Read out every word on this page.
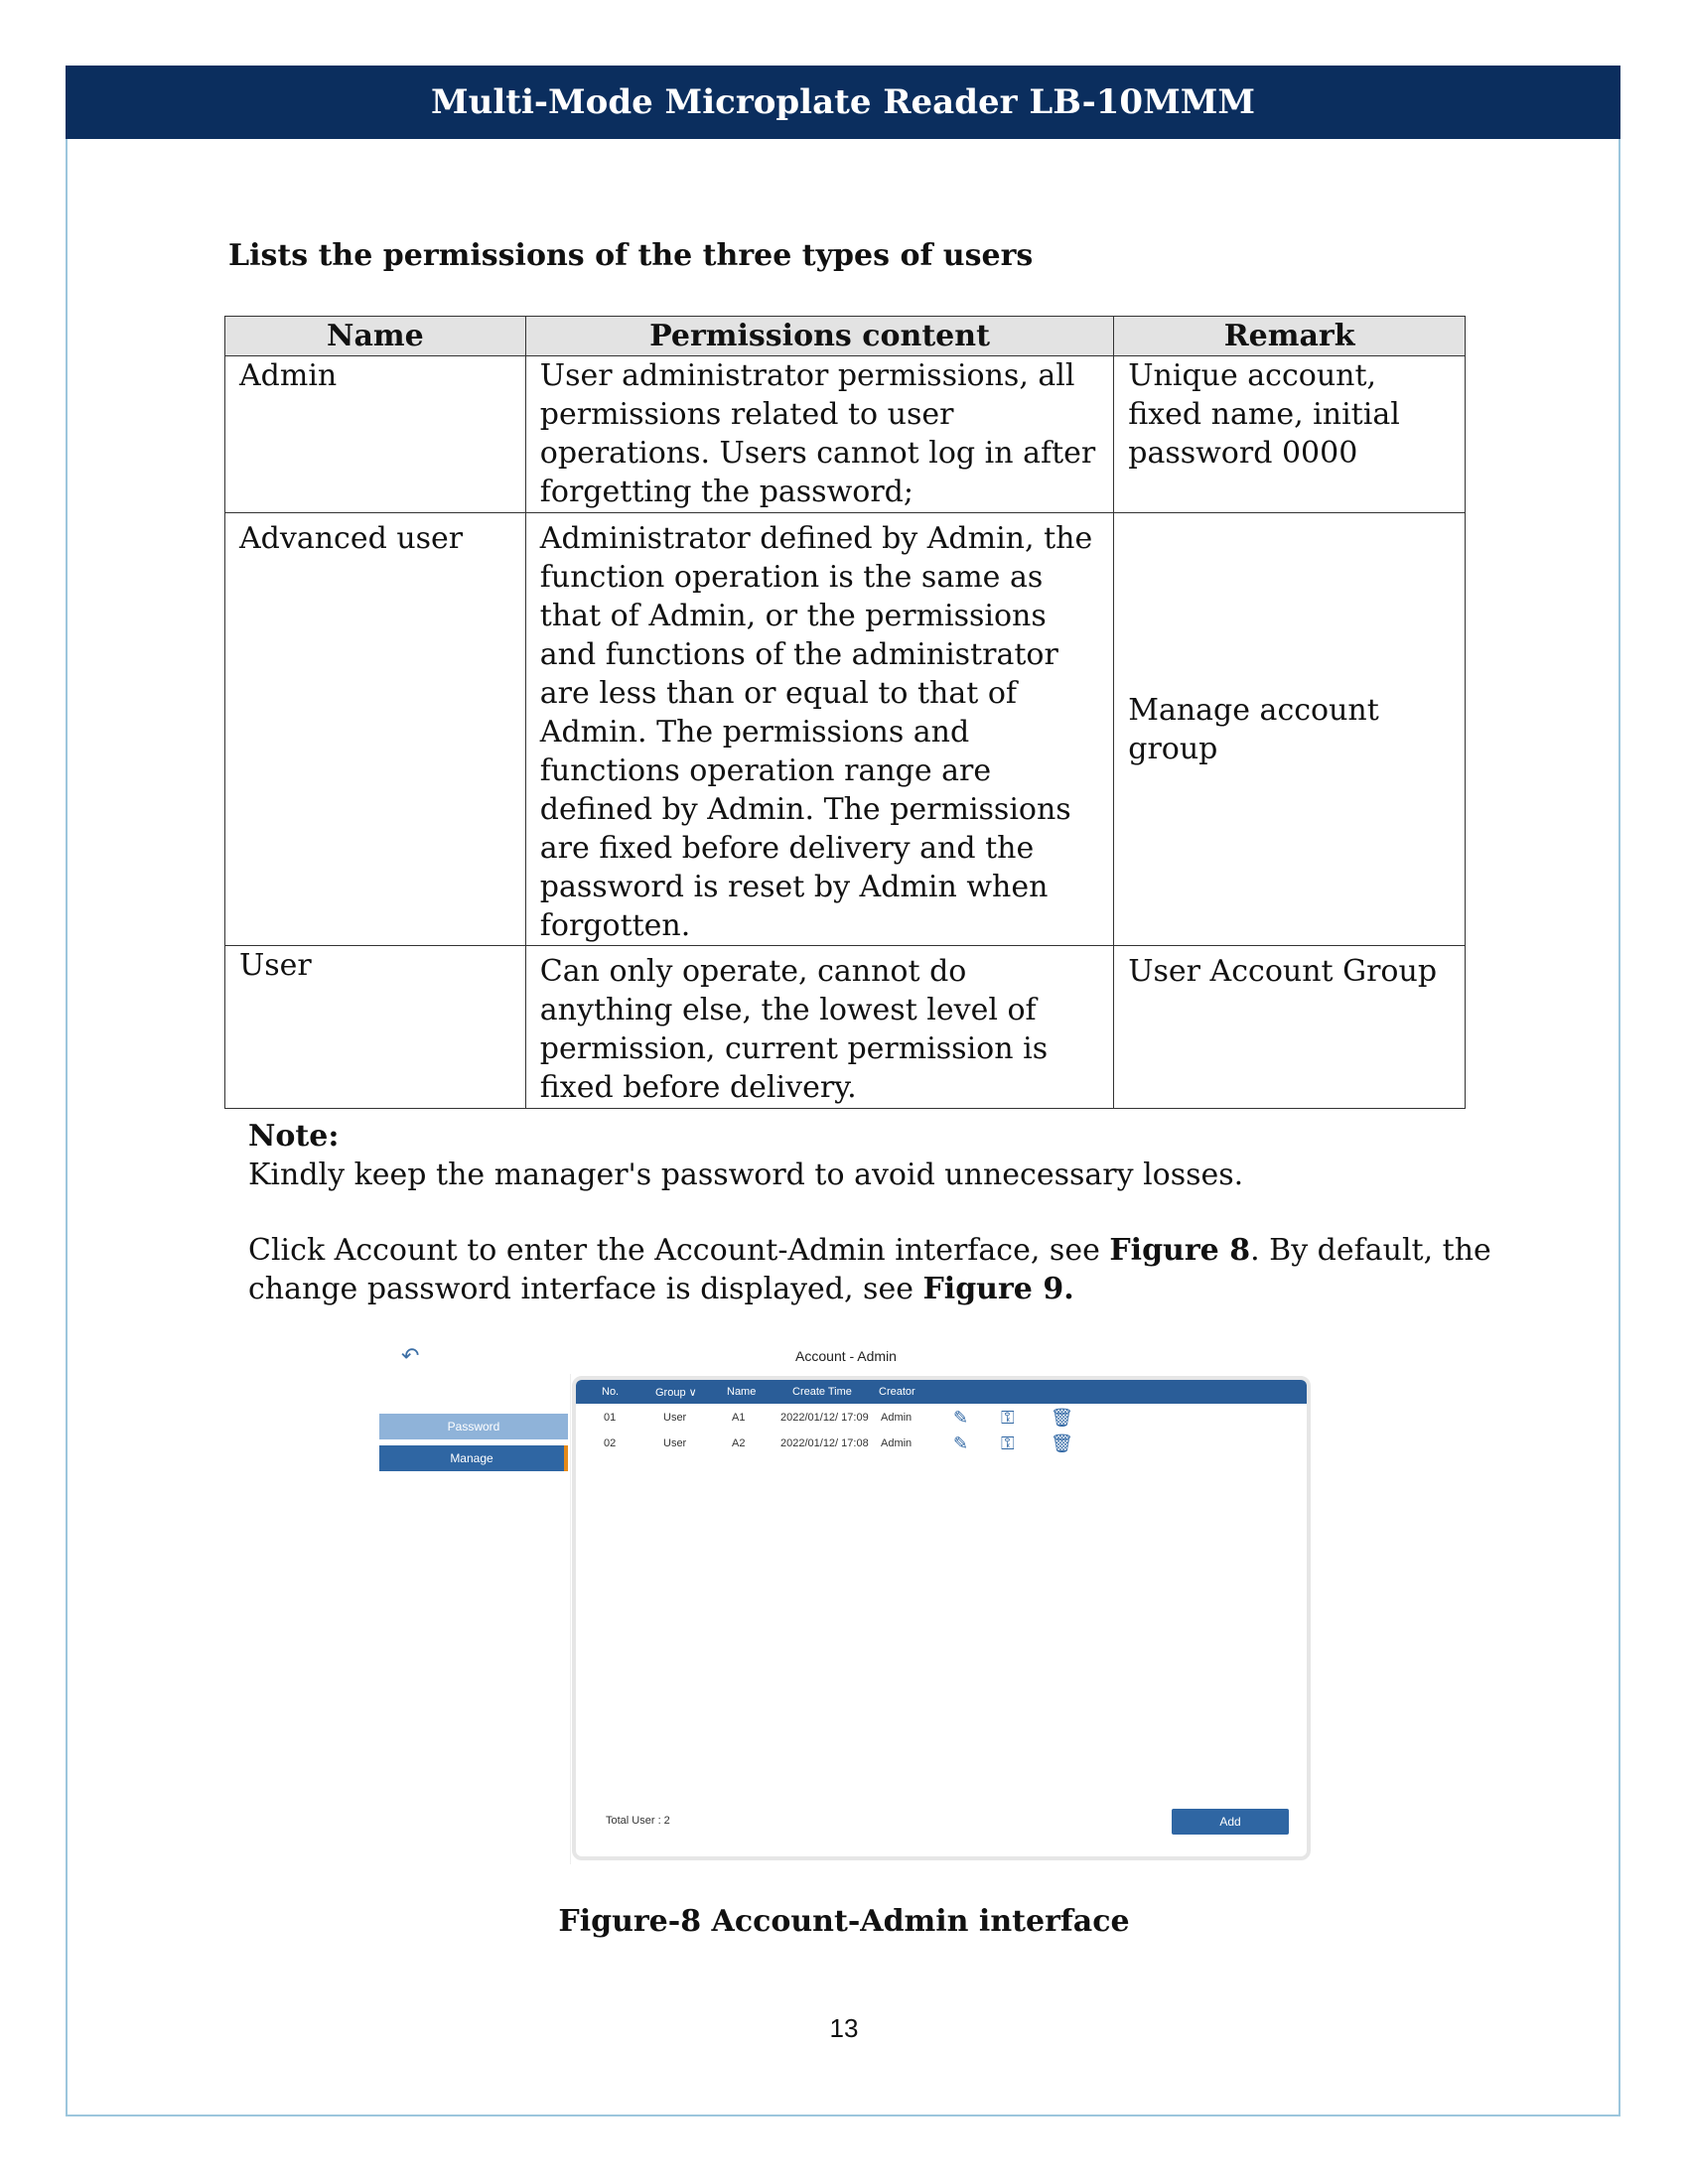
Multi-Mode Microplate Reader LB-10MMM
Lists the permissions of the three types of users
Name	Permissions content	Remark
Admin	User administrator permissions, all permissions related to user operations. Users cannot log in after forgetting the password;	Unique account, fixed name, initial password 0000
Advanced user	Administrator defined by Admin, the function operation is the same as that of Admin, or the permissions and functions of the administrator are less than or equal to that of Admin. The permissions and functions operation range are defined by Admin. The permissions are fixed before delivery and the password is reset by Admin when forgotten.	Manage account group
User	Can only operate, cannot do anything else, the lowest level of permission, current permission is fixed before delivery.	User Account Group
Note:
Kindly keep the manager's password to avoid unnecessary losses.
Click Account to enter the Account-Admin interface, see Figure 8. By default, the change password interface is displayed, see Figure 9.
↶	Account - Admin
Password
Manage
No.	Group ∨	Name	Create Time Creator
01	User	A1	2022/01/12/ 17:09 Admin ✎ ⚿ 🗑
02	User	A2	2022/01/12/ 17:08 Admin ✎ ⚿ 🗑
Total User : 2	Add
Figure-8 Account-Admin interface
13
